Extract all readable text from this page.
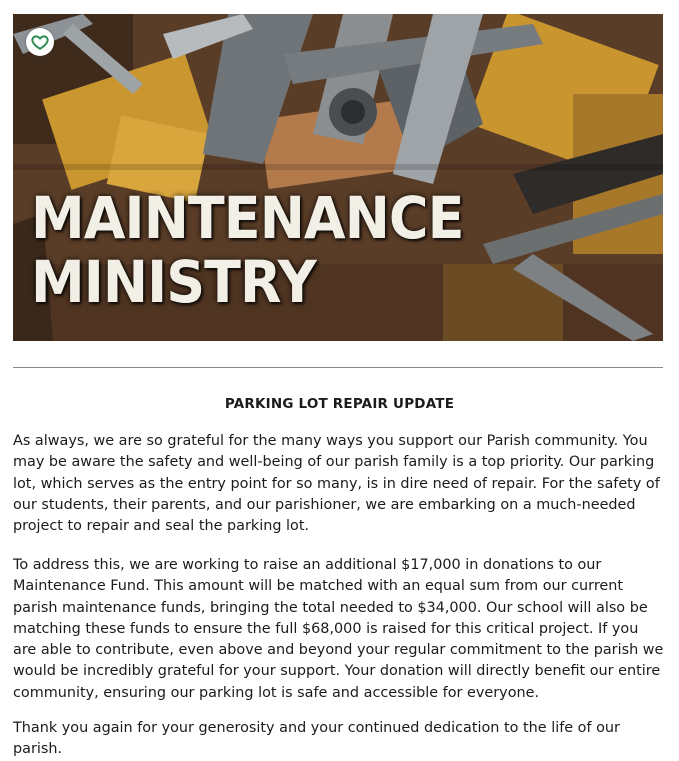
MAINTENANCE
MINISTRY
PARKING LOT REPAIR UPDATE

As always, we are so grateful for the many ways you support our Parish community. You may be aware the safety and well-being of our parish family is a top priority. Our parking lot, which serves as the entry point for so many, is in dire need of repair. For the safety of our students, their parents, and our parishioner, we are embarking on a much-needed project to repair and seal the parking lot.

To address this, we are working to raise an additional $17,000 in donations to our Maintenance Fund. This amount will be matched with an equal sum from our current parish maintenance funds, bringing the total needed to $34,000. Our school will also be matching these funds to ensure the full $68,000 is raised for this critical project. If you are able to contribute, even above and beyond your regular commitment to the parish we would be incredibly grateful for your support. Your donation will directly benefit our entire community, ensuring our parking lot is safe and accessible for everyone.

Thank you again for your generosity and your continued dedication to the life of our parish.
